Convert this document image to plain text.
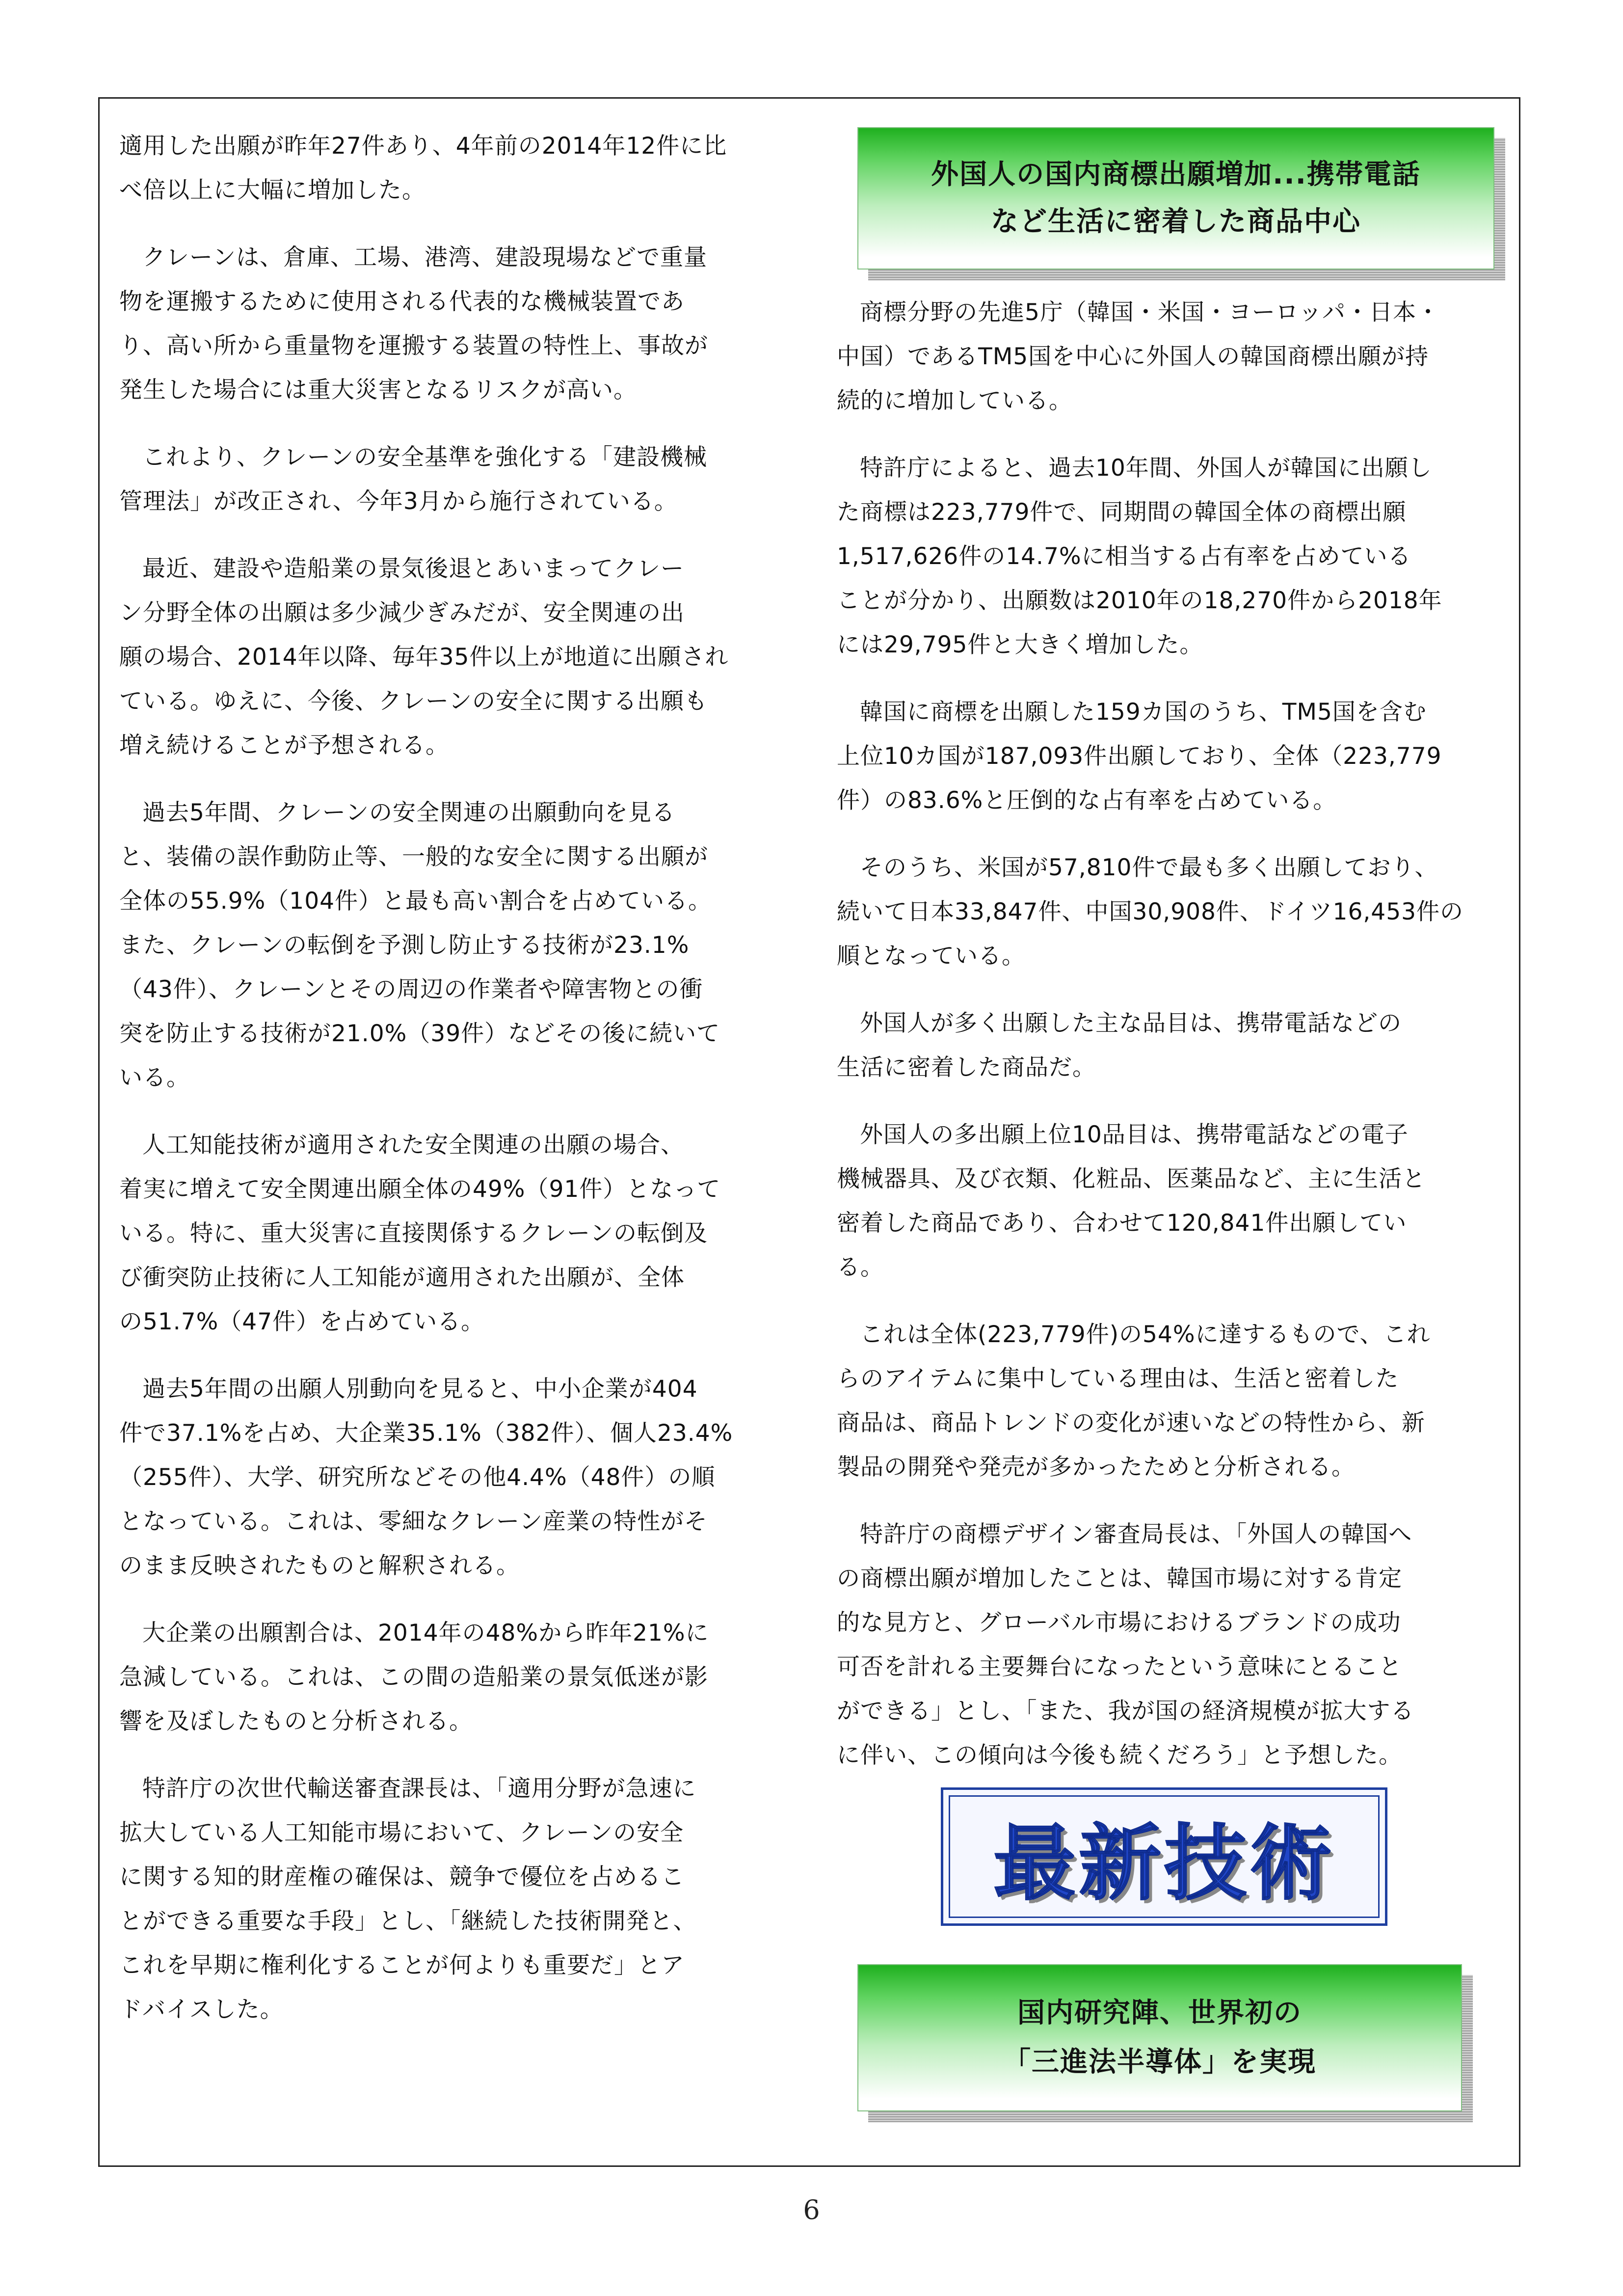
適用した出願が昨年27件あり、4年前の2014年12件に比
べ倍以上に大幅に増加した。

クレーンは、倉庫、工場、港湾、建設現場などで重量
物を運搬するために使用される代表的な機械装置であ
り、高い所から重量物を運搬する装置の特性上、事故が
発生した場合には重大災害となるリスクが高い。

これより、クレーンの安全基準を強化する「建設機械
管理法」が改正され、今年3月から施行されている。

最近、建設や造船業の景気後退とあいまってクレー
ン分野全体の出願は多少減少ぎみだが、安全関連の出
願の場合、2014年以降、毎年35件以上が地道に出願され
ている。ゆえに、今後、クレーンの安全に関する出願も
増え続けることが予想される。

過去5年間、クレーンの安全関連の出願動向を見る
と、装備の誤作動防止等、一般的な安全に関する出願が
全体の55.9%（104件）と最も高い割合を占めている。
また、クレーンの転倒を予測し防止する技術が23.1%
（43件）、クレーンとその周辺の作業者や障害物との衝
突を防止する技術が21.0%（39件）などその後に続いて
いる。

人工知能技術が適用された安全関連の出願の場合、
着実に増えて安全関連出願全体の49%（91件）となって
いる。特に、重大災害に直接関係するクレーンの転倒及
び衝突防止技術に人工知能が適用された出願が、全体
の51.7%（47件）を占めている。

過去5年間の出願人別動向を見ると、中小企業が404
件で37.1%を占め、大企業35.1%（382件）、個人23.4%
（255件）、大学、研究所などその他4.4%（48件）の順
となっている。これは、零細なクレーン産業の特性がそ
のまま反映されたものと解釈される。

大企業の出願割合は、2014年の48%から昨年21%に
急減している。これは、この間の造船業の景気低迷が影
響を及ぼしたものと分析される。

特許庁の次世代輸送審査課長は、「適用分野が急速に
拡大している人工知能市場において、クレーンの安全
に関する知的財産権の確保は、競争で優位を占めるこ
とができる重要な手段」とし、「継続した技術開発と、
これを早期に権利化することが何よりも重要だ」とア
ドバイスした。

外国人の国内商標出願増加...携帯電話
など生活に密着した商品中心

商標分野の先進5庁（韓国・米国・ヨーロッパ・日本・
中国）であるTM5国を中心に外国人の韓国商標出願が持
続的に増加している。

特許庁によると、過去10年間、外国人が韓国に出願し
た商標は223,779件で、同期間の韓国全体の商標出願
1,517,626件の14.7%に相当する占有率を占めている
ことが分かり、出願数は2010年の18,270件から2018年
には29,795件と大きく増加した。

韓国に商標を出願した159カ国のうち、TM5国を含む
上位10カ国が187,093件出願しており、全体（223,779
件）の83.6%と圧倒的な占有率を占めている。

そのうち、米国が57,810件で最も多く出願しており、
続いて日本33,847件、中国30,908件、ドイツ16,453件の
順となっている。

外国人が多く出願した主な品目は、携帯電話などの
生活に密着した商品だ。

外国人の多出願上位10品目は、携帯電話などの電子
機械器具、及び衣類、化粧品、医薬品など、主に生活と
密着した商品であり、合わせて120,841件出願してい
る。

これは全体(223,779件)の54%に達するもので、これ
らのアイテムに集中している理由は、生活と密着した
商品は、商品トレンドの変化が速いなどの特性から、新
製品の開発や発売が多かったためと分析される。

特許庁の商標デザイン審査局長は、「外国人の韓国へ
の商標出願が増加したことは、韓国市場に対する肯定
的な見方と、グローバル市場におけるブランドの成功
可否を計れる主要舞台になったという意味にとること
ができる」とし、「また、我が国の経済規模が拡大する
に伴い、この傾向は今後も続くだろう」と予想した。

最新技術
国内研究陣、世界初の
「三進法半導体」を実現
6
